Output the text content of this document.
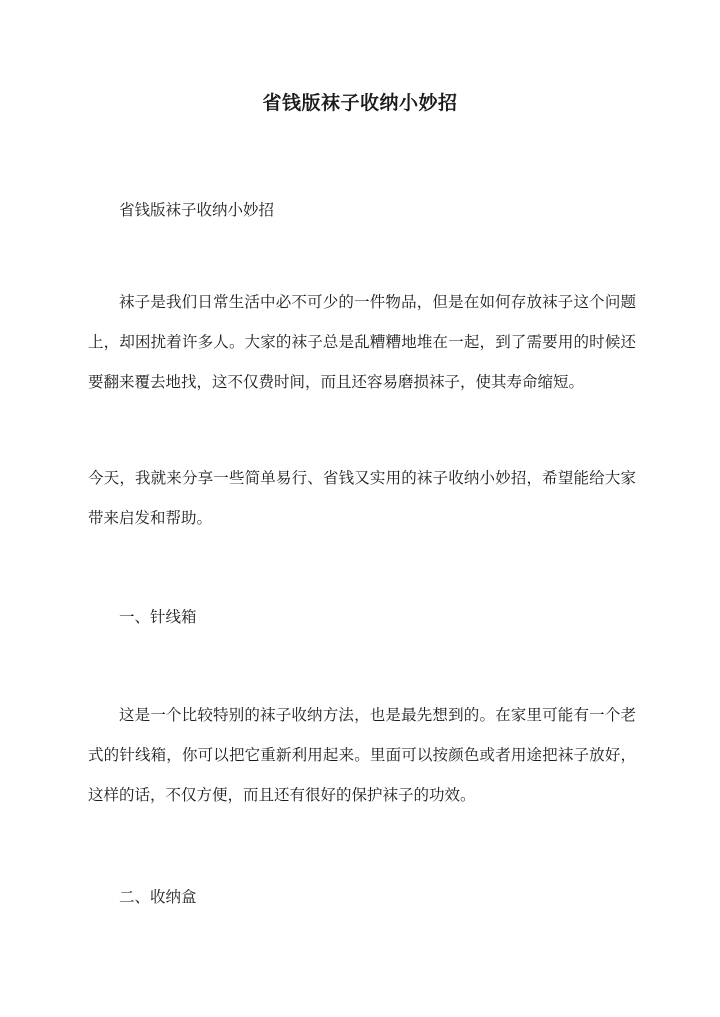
省钱版袜子收纳小妙招

省钱版袜子收纳小妙招

袜子是我们日常生活中必不可少的一件物品，但是在如何存放袜子这个问题上，却困扰着许多人。大家的袜子总是乱糟糟地堆在一起，到了需要用的时候还要翻来覆去地找，这不仅费时间，而且还容易磨损袜子，使其寿命缩短。

今天，我就来分享一些简单易行、省钱又实用的袜子收纳小妙招，希望能给大家带来启发和帮助。

一、针线箱

这是一个比较特别的袜子收纳方法，也是最先想到的。在家里可能有一个老式的针线箱，你可以把它重新利用起来。里面可以按颜色或者用途把袜子放好，这样的话，不仅方便，而且还有很好的保护袜子的功效。

二、收纳盒
